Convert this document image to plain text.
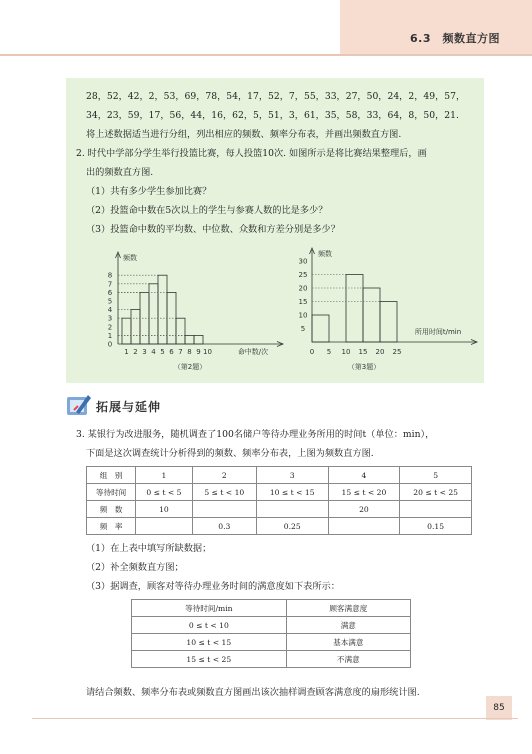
6.3　频数直方图
28，52，42，2，53，69，78，54，17，52，7，55，33，27，50，24，2，49，57，
34，23，59，17，56，44，16，62，5，51，3，61，35，58，33，64，8，50，21.
将上述数据适当进行分组，列出相应的频数、频率分布表，并画出频数直方图.
2. 时代中学部分学生举行投篮比赛，每人投篮10次. 如图所示是将比赛结果整理后，画
出的频数直方图.
（1）共有多少学生参加比赛？
（2）投篮命中数在5次以上的学生与参赛人数的比是多少？
（3）投篮命中数的平均数、中位数、众数和方差分别是多少？
频数
0
1
2
3
4
5
6
7
8
1 2 3 4 5 6 7 8 9 10	命中数/次
（第2题）
频数
5
10
15
20
25
30
0 5 10 15 20 25
所用时间t/min
（第3题）
拓展与延伸
3. 某银行为改进服务，随机调查了100名储户等待办理业务所用的时间t（单位：min），
下面是这次调查统计分析得到的频数、频率分布表，上图为频数直方图.
组　别	1	2	3	4	5
等待时间	0 ≤ t < 5	5 ≤ t < 10	10 ≤ t < 15	15 ≤ t < 20	20 ≤ t < 25
频　数	10			20	
频　率		0.3	0.25		0.15
（1）在上表中填写所缺数据；
（2）补全频数直方图；
（3）据调查，顾客对等待办理业务时间的满意度如下表所示：
等待时间/min	顾客满意度
0 ≤ t < 10	满意
10 ≤ t < 15	基本满意
15 ≤ t < 25	不满意
请结合频数、频率分布表或频数直方图画出该次抽样调查顾客满意度的扇形统计图.
85
